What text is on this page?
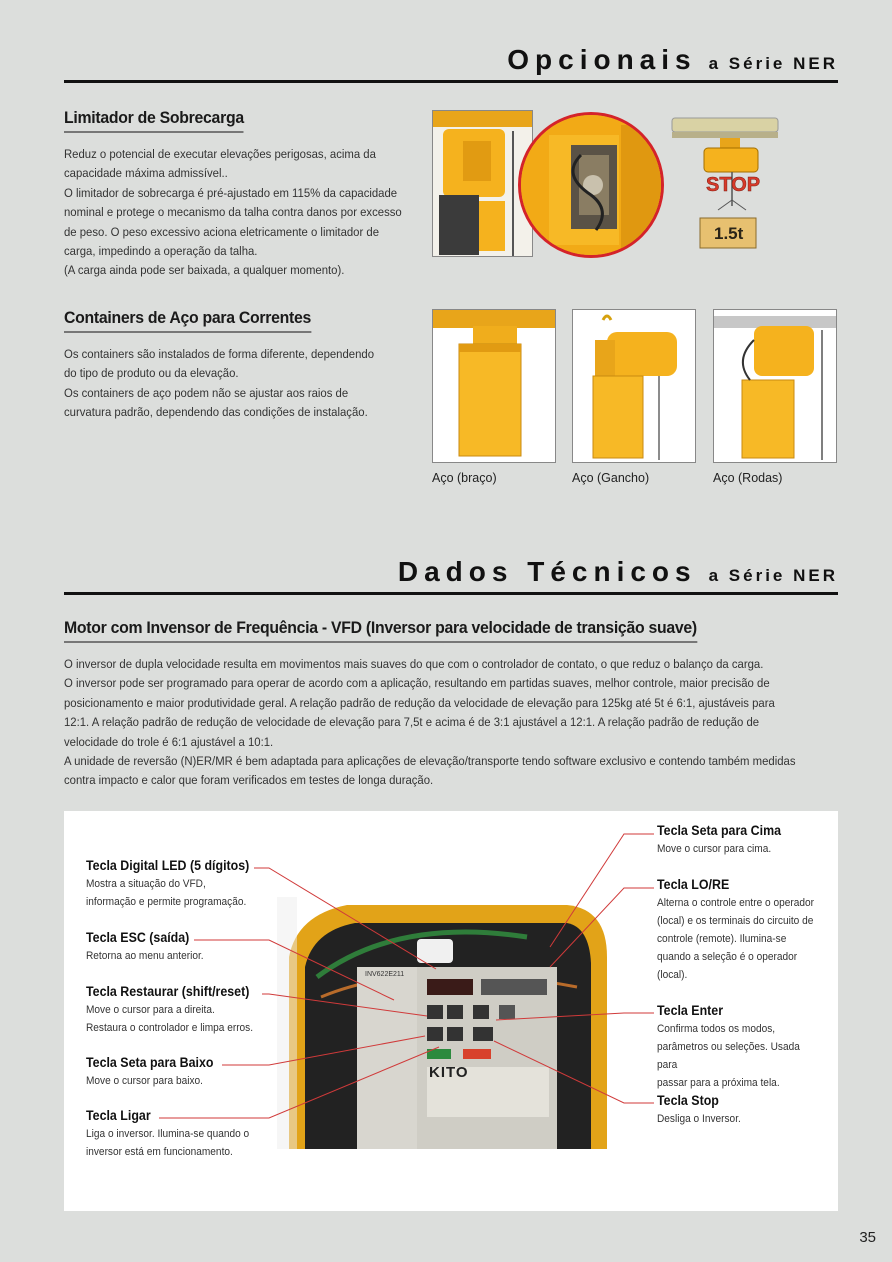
Opcionais a Série NER
Limitador de Sobrecarga

Reduz o potencial de executar elevações perigosas, acima da

capacidade máxima admissível..

O limitador de sobrecarga é pré-ajustado em 115% da capacidade

nominal e protege o mecanismo da talha contra danos por excesso

de peso. O peso excessivo aciona eletricamente o limitador de

carga, impedindo a operação da talha.

(A carga ainda pode ser baixada, a qualquer momento).

STOP
1.5t
Containers de Aço para Correntes

Os containers são instalados de forma diferente, dependendo

do tipo de produto ou da elevação.

Os containers de aço podem não se ajustar aos raios de

curvatura padrão, dependendo das condições de instalação.

Aço (braço)	Aço (Gancho)	Aço (Rodas)
Dados Técnicos a Série NER
Motor com Invensor de Frequência - VFD (Inversor para velocidade de transição suave)

O inversor de dupla velocidade resulta em movimentos mais suaves do que com o controlador de contato, o que reduz o balanço da carga.

O inversor pode ser programado para operar de acordo com a aplicação, resultando em partidas suaves, melhor controle, maior precisão de

posicionamento e maior produtividade geral. A relação padrão de redução da velocidade de elevação para 125kg até 5t é 6:1, ajustáveis para

12:1. A relação padrão de redução de velocidade de elevação para 7,5t e acima é de 3:1 ajustável a 12:1. A relação padrão de redução de

velocidade do trole é 6:1 ajustável a 10:1.

A unidade de reversão (N)ER/MR é bem adaptada para aplicações de elevação/transporte tendo software exclusivo e contendo também medidas

contra impacto e calor que foram verificados em testes de longa duração.

INV622E211
KITO
Tecla Digital LED (5 dígitos)
Mostra a situação do VFD,
informação e permite programação.
Tecla ESC (saída)
Retorna ao menu anterior.
Tecla Restaurar (shift/reset)
Move o cursor para a direita.
Restaura o controlador e limpa erros.
Tecla Seta para Baixo
Move o cursor para baixo.
Tecla Ligar
Liga o inversor. Ilumina-se quando o
inversor está em funcionamento.
Tecla Seta para Cima
Move o cursor para cima.
Tecla LO/RE
Alterna o controle entre o operador
(local) e os terminais do circuito de
controle (remote). Ilumina-se
quando a seleção é o operador
(local).
Tecla Enter
Confirma todos os modos,
parâmetros ou seleções. Usada para
passar para a próxima tela.
Tecla Stop
Desliga o Inversor.
35
